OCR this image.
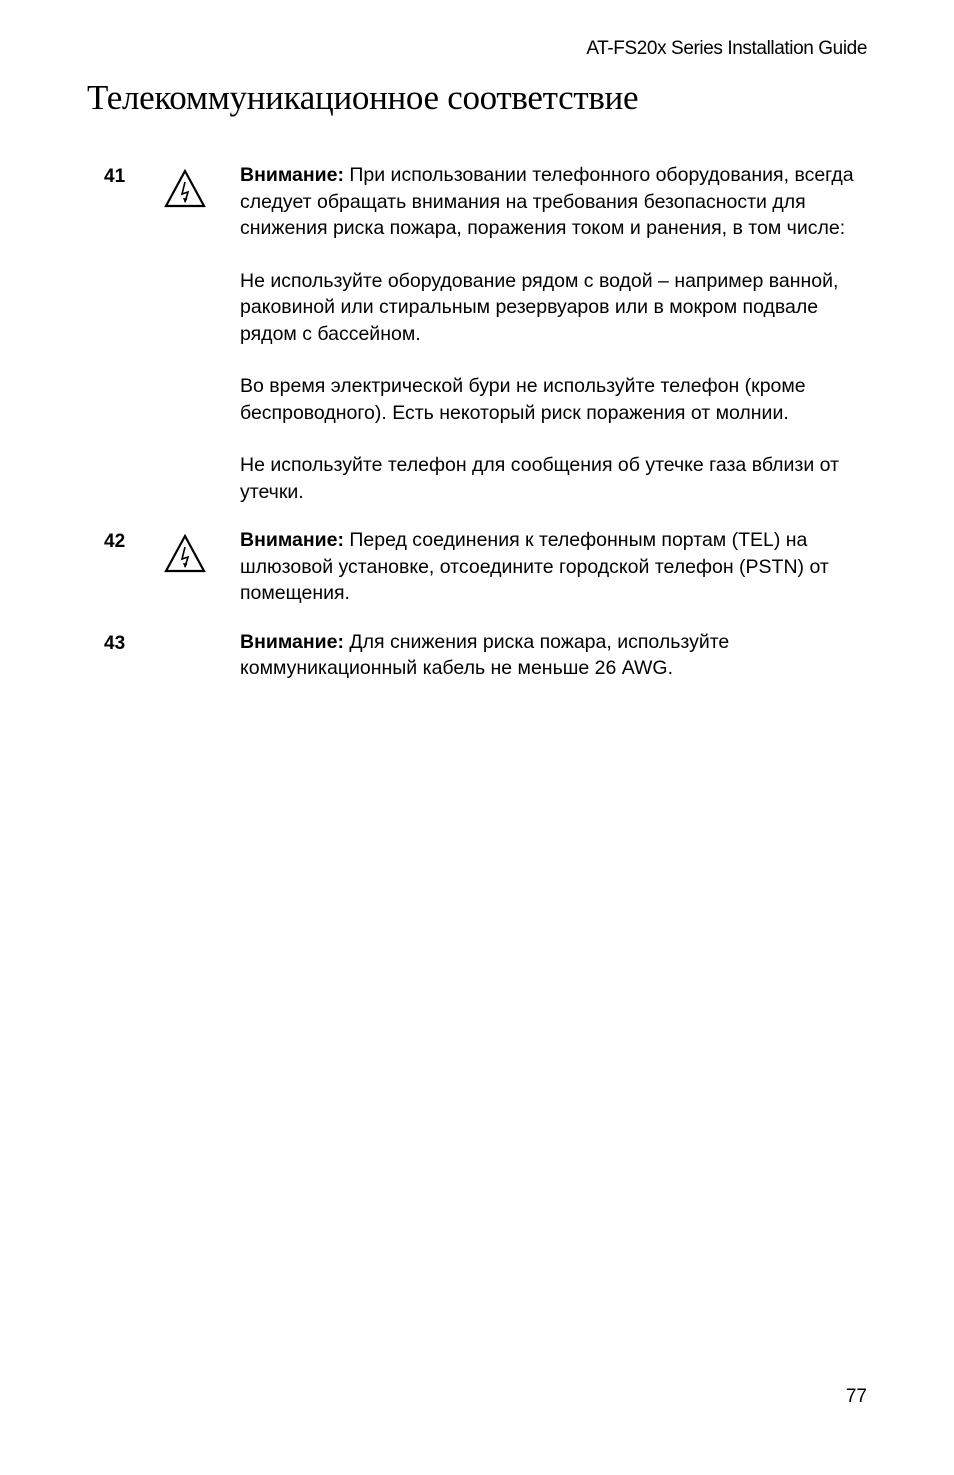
AT-FS20x Series Installation Guide
Телекоммуникационное соответствие
41	Внимание: При использовании телефонного оборудования, всегда следует обращать внимания на требования безопасности для снижения риска пожара, поражения током и ранения, в том числе:

Не используйте оборудование рядом с водой – например ванной, раковиной или стиральным резервуаров или в мокром подвале рядом с бассейном.

Во время электрической бури не используйте телефон (кроме беспроводного). Есть некоторый риск поражения от молнии.

Не используйте телефон для сообщения об утечке газа вблизи от утечки.

42	Внимание: Перед соединения к телефонным портам (TEL) на шлюзовой установке, отсоедините городской телефон (PSTN) от помещения.

43	Внимание: Для снижения риска пожара, используйте коммуникационный кабель не меньше 26 AWG.

77
